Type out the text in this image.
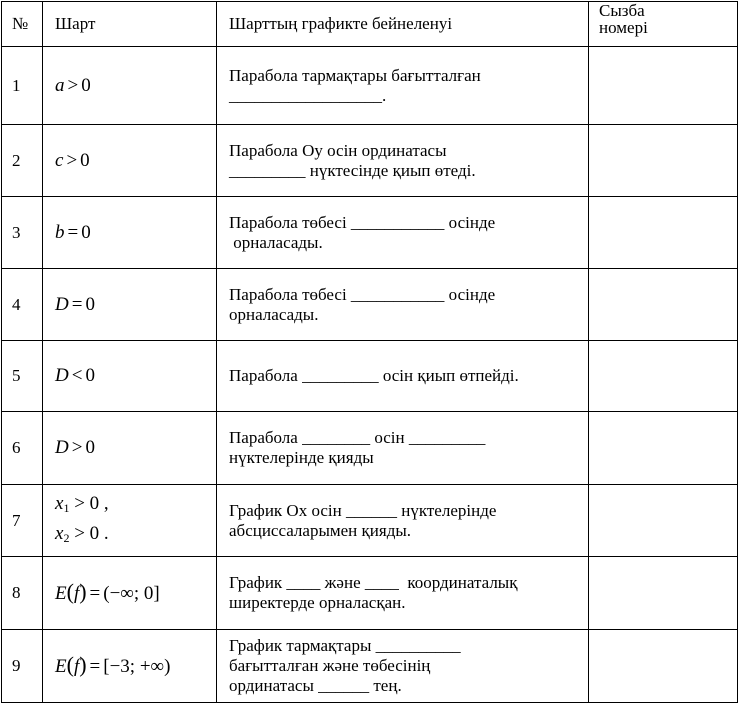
№	Шарт	Шарттың графикте бейнеленуі	Сызба номері
1	a > 0	Парабола тармақтары бағытталған
__________________.	

2	c > 0	Парабола Оу осін ординатасы
_________ нүктесінде қиып өтеді.	

3	b = 0	Парабола төбесі ___________ осінде
орналасады.	

4	D = 0	Парабола төбесі ___________ осінде
орналасады.	

5	D < 0	Парабола _________ осін қиып өтпейді.	

6	D > 0	Парабола ________ осін _________
нүктелерінде қияды	

7	$x_1 > 0$ ,
$x_2 > 0$ .	График Ох осін ______ нүктелерінде
абсциссаларымен қияды.	

8	E(f) = (−∞; 0]	График ____ және ____  координаталық
ширектерде орналасқан.	

9	E(f) = [−3; +∞)	График тармақтары __________
бағытталған және төбесінің
ординатасы ______ тең.	
